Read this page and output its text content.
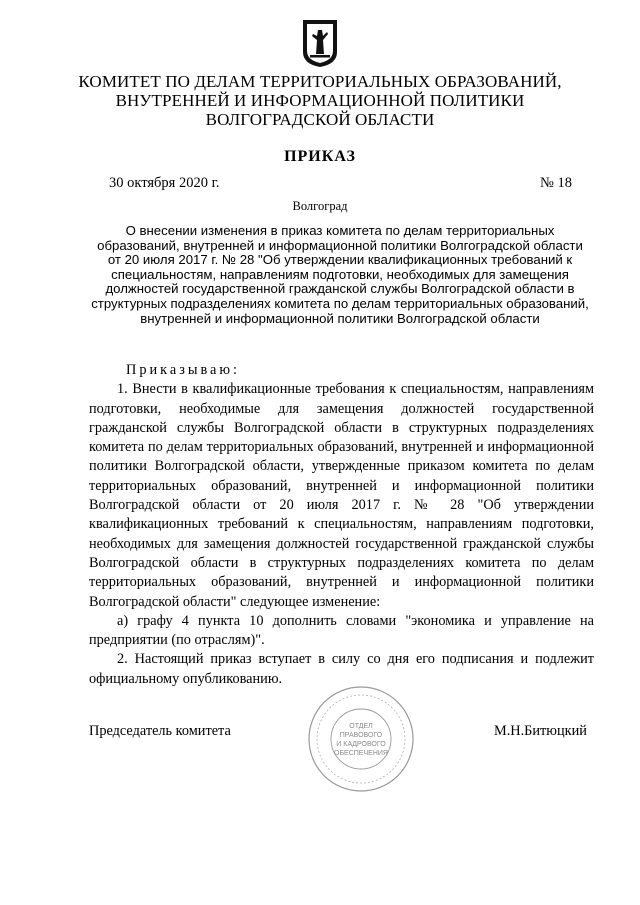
КОМИТЕТ ПО ДЕЛАМ ТЕРРИТОРИАЛЬНЫХ ОБРАЗОВАНИЙ,
ВНУТРЕННЕЙ И ИНФОРМАЦИОННОЙ ПОЛИТИКИ
ВОЛГОГРАДСКОЙ ОБЛАСТИ
ПРИКАЗ
30 октября 2020 г.	№ 18
Волгоград
О внесении изменения в приказ комитета по делам территориальных образований, внутренней и информационной политики Волгоградской области от 20 июля 2017 г. № 28 "Об утверждении квалификационных требований к специальностям, направлениям подготовки, необходимых для замещения должностей государственной гражданской службы Волгоградской области в структурных подразделениях комитета по делам территориальных образований, внутренней и информационной политики Волгоградской области

Приказываю:

1. Внести в квалификационные требования к специальностям, направлениям подготовки, необходимые для замещения должностей государственной гражданской службы Волгоградской области в структурных подразделениях комитета по делам территориальных образований, внутренней и информационной политики Волгоградской области, утвержденные приказом комитета по делам территориальных образований, внутренней и информационной политики Волгоградской области от 20 июля 2017 г. № 28 "Об утверждении квалификационных требований к специальностям, направлениям подготовки, необходимых для замещения должностей государственной гражданской службы Волгоградской области в структурных подразделениях комитета по делам территориальных образований, внутренней и информационной политики Волгоградской области" следующее изменение:

а) графу 4 пункта 10 дополнить словами "экономика и управление на предприятии (по отраслям)".

2. Настоящий приказ вступает в силу со дня его подписания и подлежит официальному опубликованию.

Председатель комитета	М.Н.Битюцкий
ОТДЕЛ
ПРАВОВОГО
И КАДРОВОГО
ОБЕСПЕЧЕНИЯ
